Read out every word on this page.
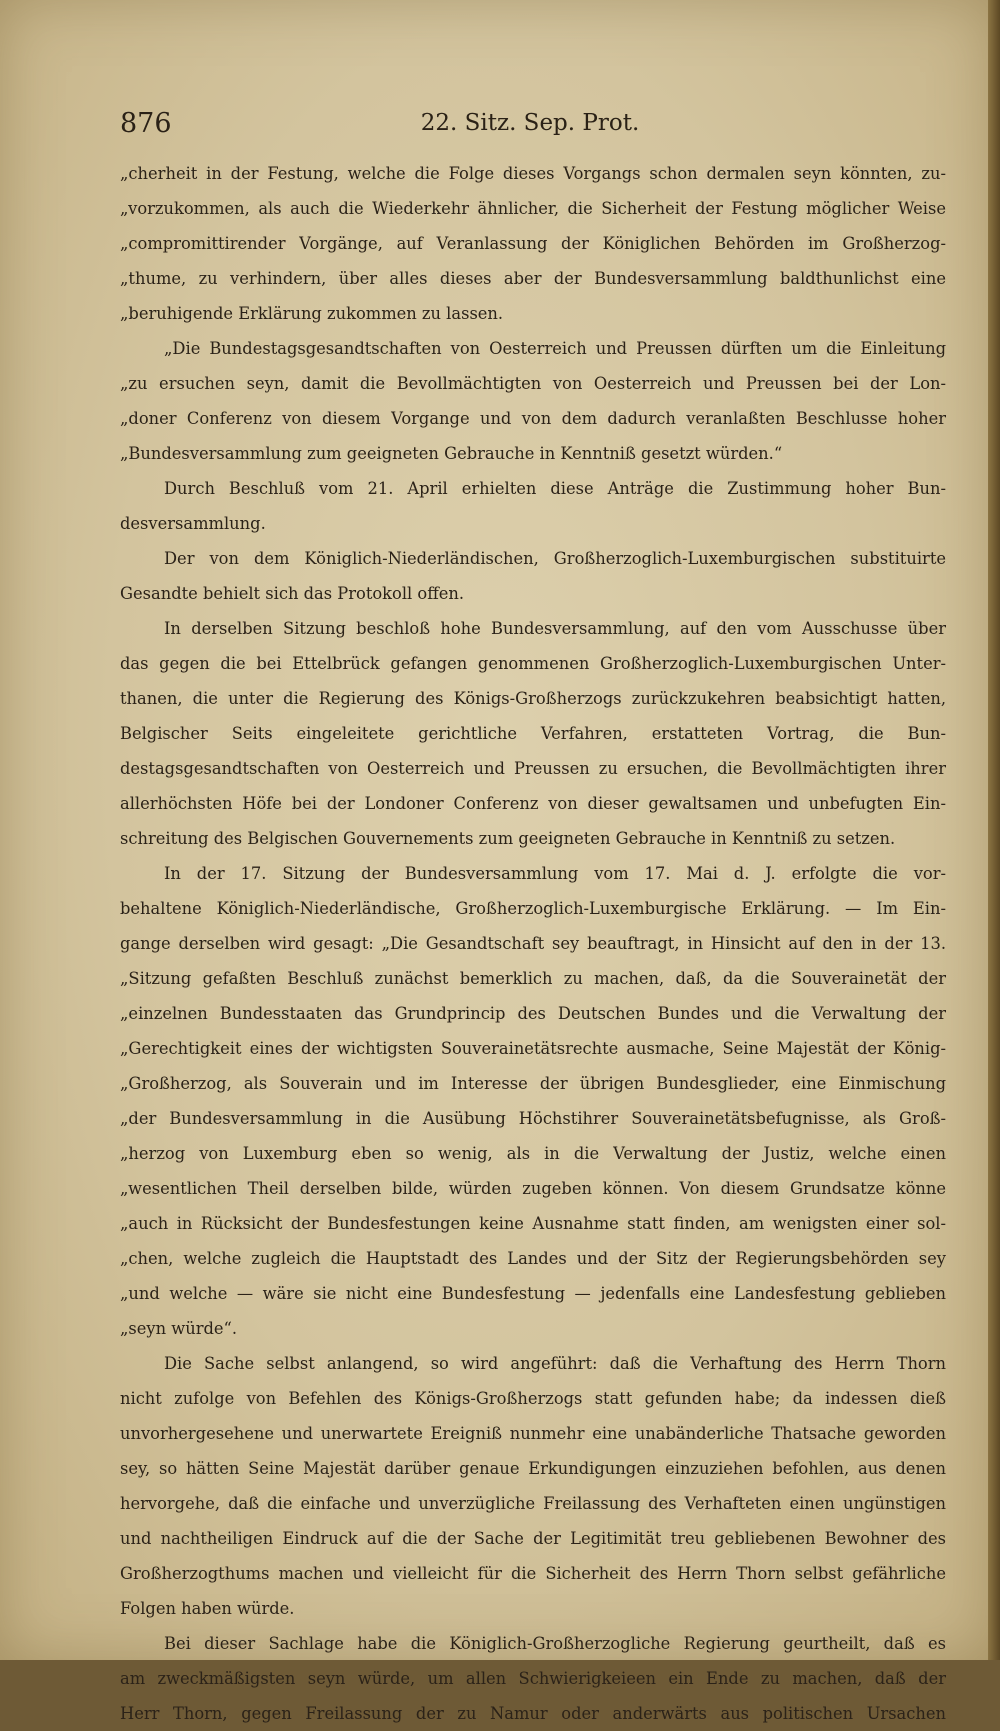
876	22. Sitz. Sep. Prot.
„cherheit in der Festung, welche die Folge dieses Vorgangs schon dermalen seyn könnten, zu-
„vorzukommen, als auch die Wiederkehr ähnlicher, die Sicherheit der Festung möglicher Weise
„compromittirender Vorgänge, auf Veranlassung der Königlichen Behörden im Großherzog-
„thume, zu verhindern, über alles dieses aber der Bundesversammlung baldthunlichst eine
„beruhigende Erklärung zukommen zu lassen.
„Die Bundestagsgesandtschaften von Oesterreich und Preussen dürften um die Einleitung
„zu ersuchen seyn, damit die Bevollmächtigten von Oesterreich und Preussen bei der Lon-
„doner Conferenz von diesem Vorgange und von dem dadurch veranlaßten Beschlusse hoher
„Bundesversammlung zum geeigneten Gebrauche in Kenntniß gesetzt würden.“
Durch Beschluß vom 21. April erhielten diese Anträge die Zustimmung hoher Bun-
desversammlung.
Der von dem Königlich-Niederländischen, Großherzoglich-Luxemburgischen substituirte
Gesandte behielt sich das Protokoll offen.
In derselben Sitzung beschloß hohe Bundesversammlung, auf den vom Ausschusse über
das gegen die bei Ettelbrück gefangen genommenen Großherzoglich-Luxemburgischen Unter-
thanen, die unter die Regierung des Königs-Großherzogs zurückzukehren beabsichtigt hatten,
Belgischer Seits eingeleitete gerichtliche Verfahren, erstatteten Vortrag, die Bun-
destagsgesandtschaften von Oesterreich und Preussen zu ersuchen, die Bevollmächtigten ihrer
allerhöchsten Höfe bei der Londoner Conferenz von dieser gewaltsamen und unbefugten Ein-
schreitung des Belgischen Gouvernements zum geeigneten Gebrauche in Kenntniß zu setzen.
In der 17. Sitzung der Bundesversammlung vom 17. Mai d. J. erfolgte die vor-
behaltene Königlich-Niederländische, Großherzoglich-Luxemburgische Erklärung. — Im Ein-
gange derselben wird gesagt: „Die Gesandtschaft sey beauftragt, in Hinsicht auf den in der 13.
„Sitzung gefaßten Beschluß zunächst bemerklich zu machen, daß, da die Souverainetät der
„einzelnen Bundesstaaten das Grundprincip des Deutschen Bundes und die Verwaltung der
„Gerechtigkeit eines der wichtigsten Souverainetätsrechte ausmache, Seine Majestät der König-
„Großherzog, als Souverain und im Interesse der übrigen Bundesglieder, eine Einmischung
„der Bundesversammlung in die Ausübung Höchstihrer Souverainetätsbefugnisse, als Groß-
„herzog von Luxemburg eben so wenig, als in die Verwaltung der Justiz, welche einen
„wesentlichen Theil derselben bilde, würden zugeben können. Von diesem Grundsatze könne
„auch in Rücksicht der Bundesfestungen keine Ausnahme statt finden, am wenigsten einer sol-
„chen, welche zugleich die Hauptstadt des Landes und der Sitz der Regierungsbehörden sey
„und welche — wäre sie nicht eine Bundesfestung — jedenfalls eine Landesfestung geblieben
„seyn würde“.
Die Sache selbst anlangend, so wird angeführt: daß die Verhaftung des Herrn Thorn
nicht zufolge von Befehlen des Königs-Großherzogs statt gefunden habe; da indessen dieß
unvorhergesehene und unerwartete Ereigniß nunmehr eine unabänderliche Thatsache geworden
sey, so hätten Seine Majestät darüber genaue Erkundigungen einzuziehen befohlen, aus denen
hervorgehe, daß die einfache und unverzügliche Freilassung des Verhafteten einen ungünstigen
und nachtheiligen Eindruck auf die der Sache der Legitimität treu gebliebenen Bewohner des
Großherzogthums machen und vielleicht für die Sicherheit des Herrn Thorn selbst gefährliche
Folgen haben würde.
Bei dieser Sachlage habe die Königlich-Großherzogliche Regierung geurtheilt, daß es
am zweckmäßigsten seyn würde, um allen Schwierigkeieen ein Ende zu machen, daß der
Herr Thorn, gegen Freilassung der zu Namur oder anderwärts aus politischen Ursachen
